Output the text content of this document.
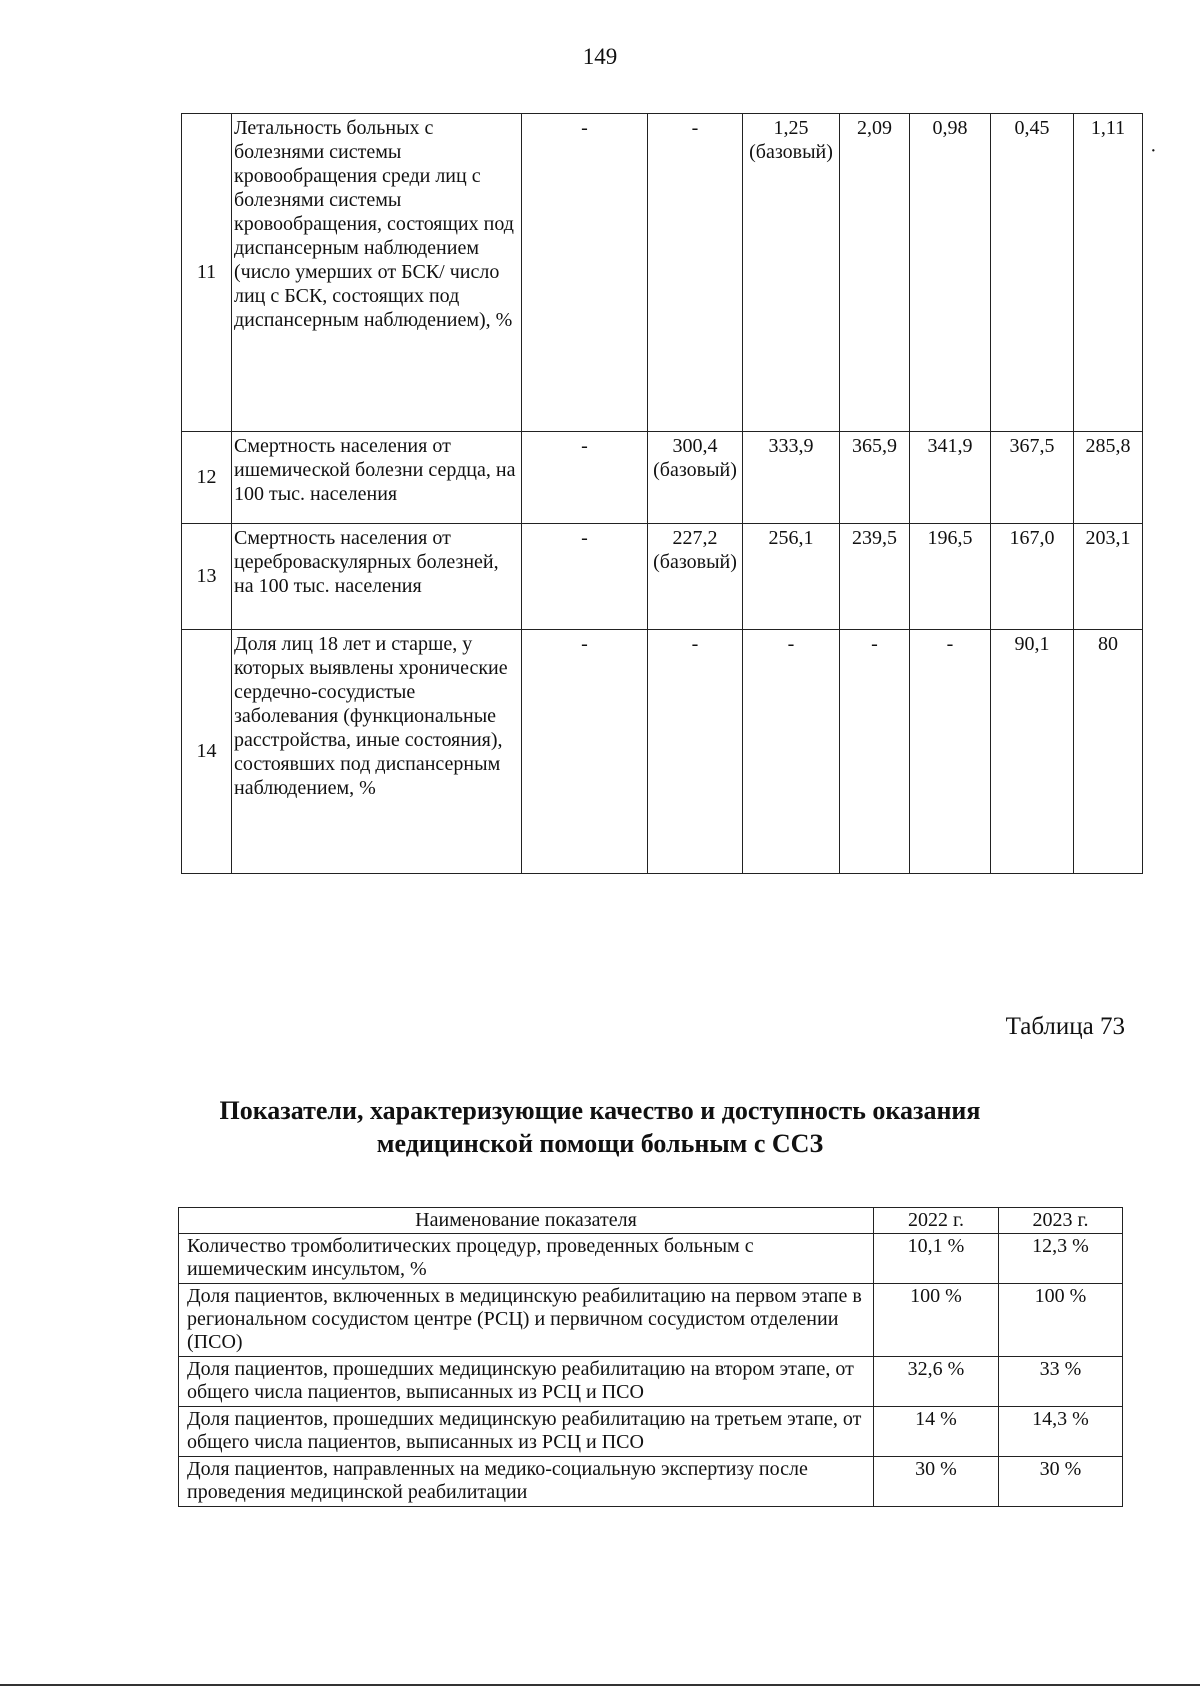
149
11	Летальность больных с болезнями системы кровообращения среди лиц с болезнями системы кровообращения, состоящих под диспансерным наблюдением (число умерших от БСК/ число лиц с БСК, состоящих под диспансерным наблюдением), %	-	-	1,25 (базовый)	2,09	0,98	0,45	1,11
12	Смертность населения от ишемической болезни сердца, на 100 тыс. населения	-	300,4 (базовый)	333,9	365,9	341,9	367,5	285,8
13	Смертность населения от цереброваскулярных болезней, на 100 тыс. населения	-	227,2 (базовый)	256,1	239,5	196,5	167,0	203,1
14	Доля лиц 18 лет и старше, у которых выявлены хронические сердечно-сосудистые заболевания (функциональные расстройства, иные состояния), состоявших под диспансерным наблюдением, %	-	-	-	-	-	90,1	80
·
Таблица 73
Показатели, характеризующие качество и доступность оказания медицинской помощи больным с ССЗ
Наименование показателя	2022 г.	2023 г.
Количество тромболитических процедур, проведенных больным с ишемическим инсультом, %	10,1 %	12,3 %
Доля пациентов, включенных в медицинскую реабилитацию на первом этапе в региональном сосудистом центре (РСЦ) и первичном сосудистом отделении (ПСО)	100 %	100 %
Доля пациентов, прошедших медицинскую реабилитацию на втором этапе, от общего числа пациентов, выписанных из РСЦ и ПСО	32,6 %	33 %
Доля пациентов, прошедших медицинскую реабилитацию на третьем этапе, от общего числа пациентов, выписанных из РСЦ и ПСО	14 %	14,3 %
Доля пациентов, направленных на медико-социальную экспертизу после проведения медицинской реабилитации	30 %	30 %
